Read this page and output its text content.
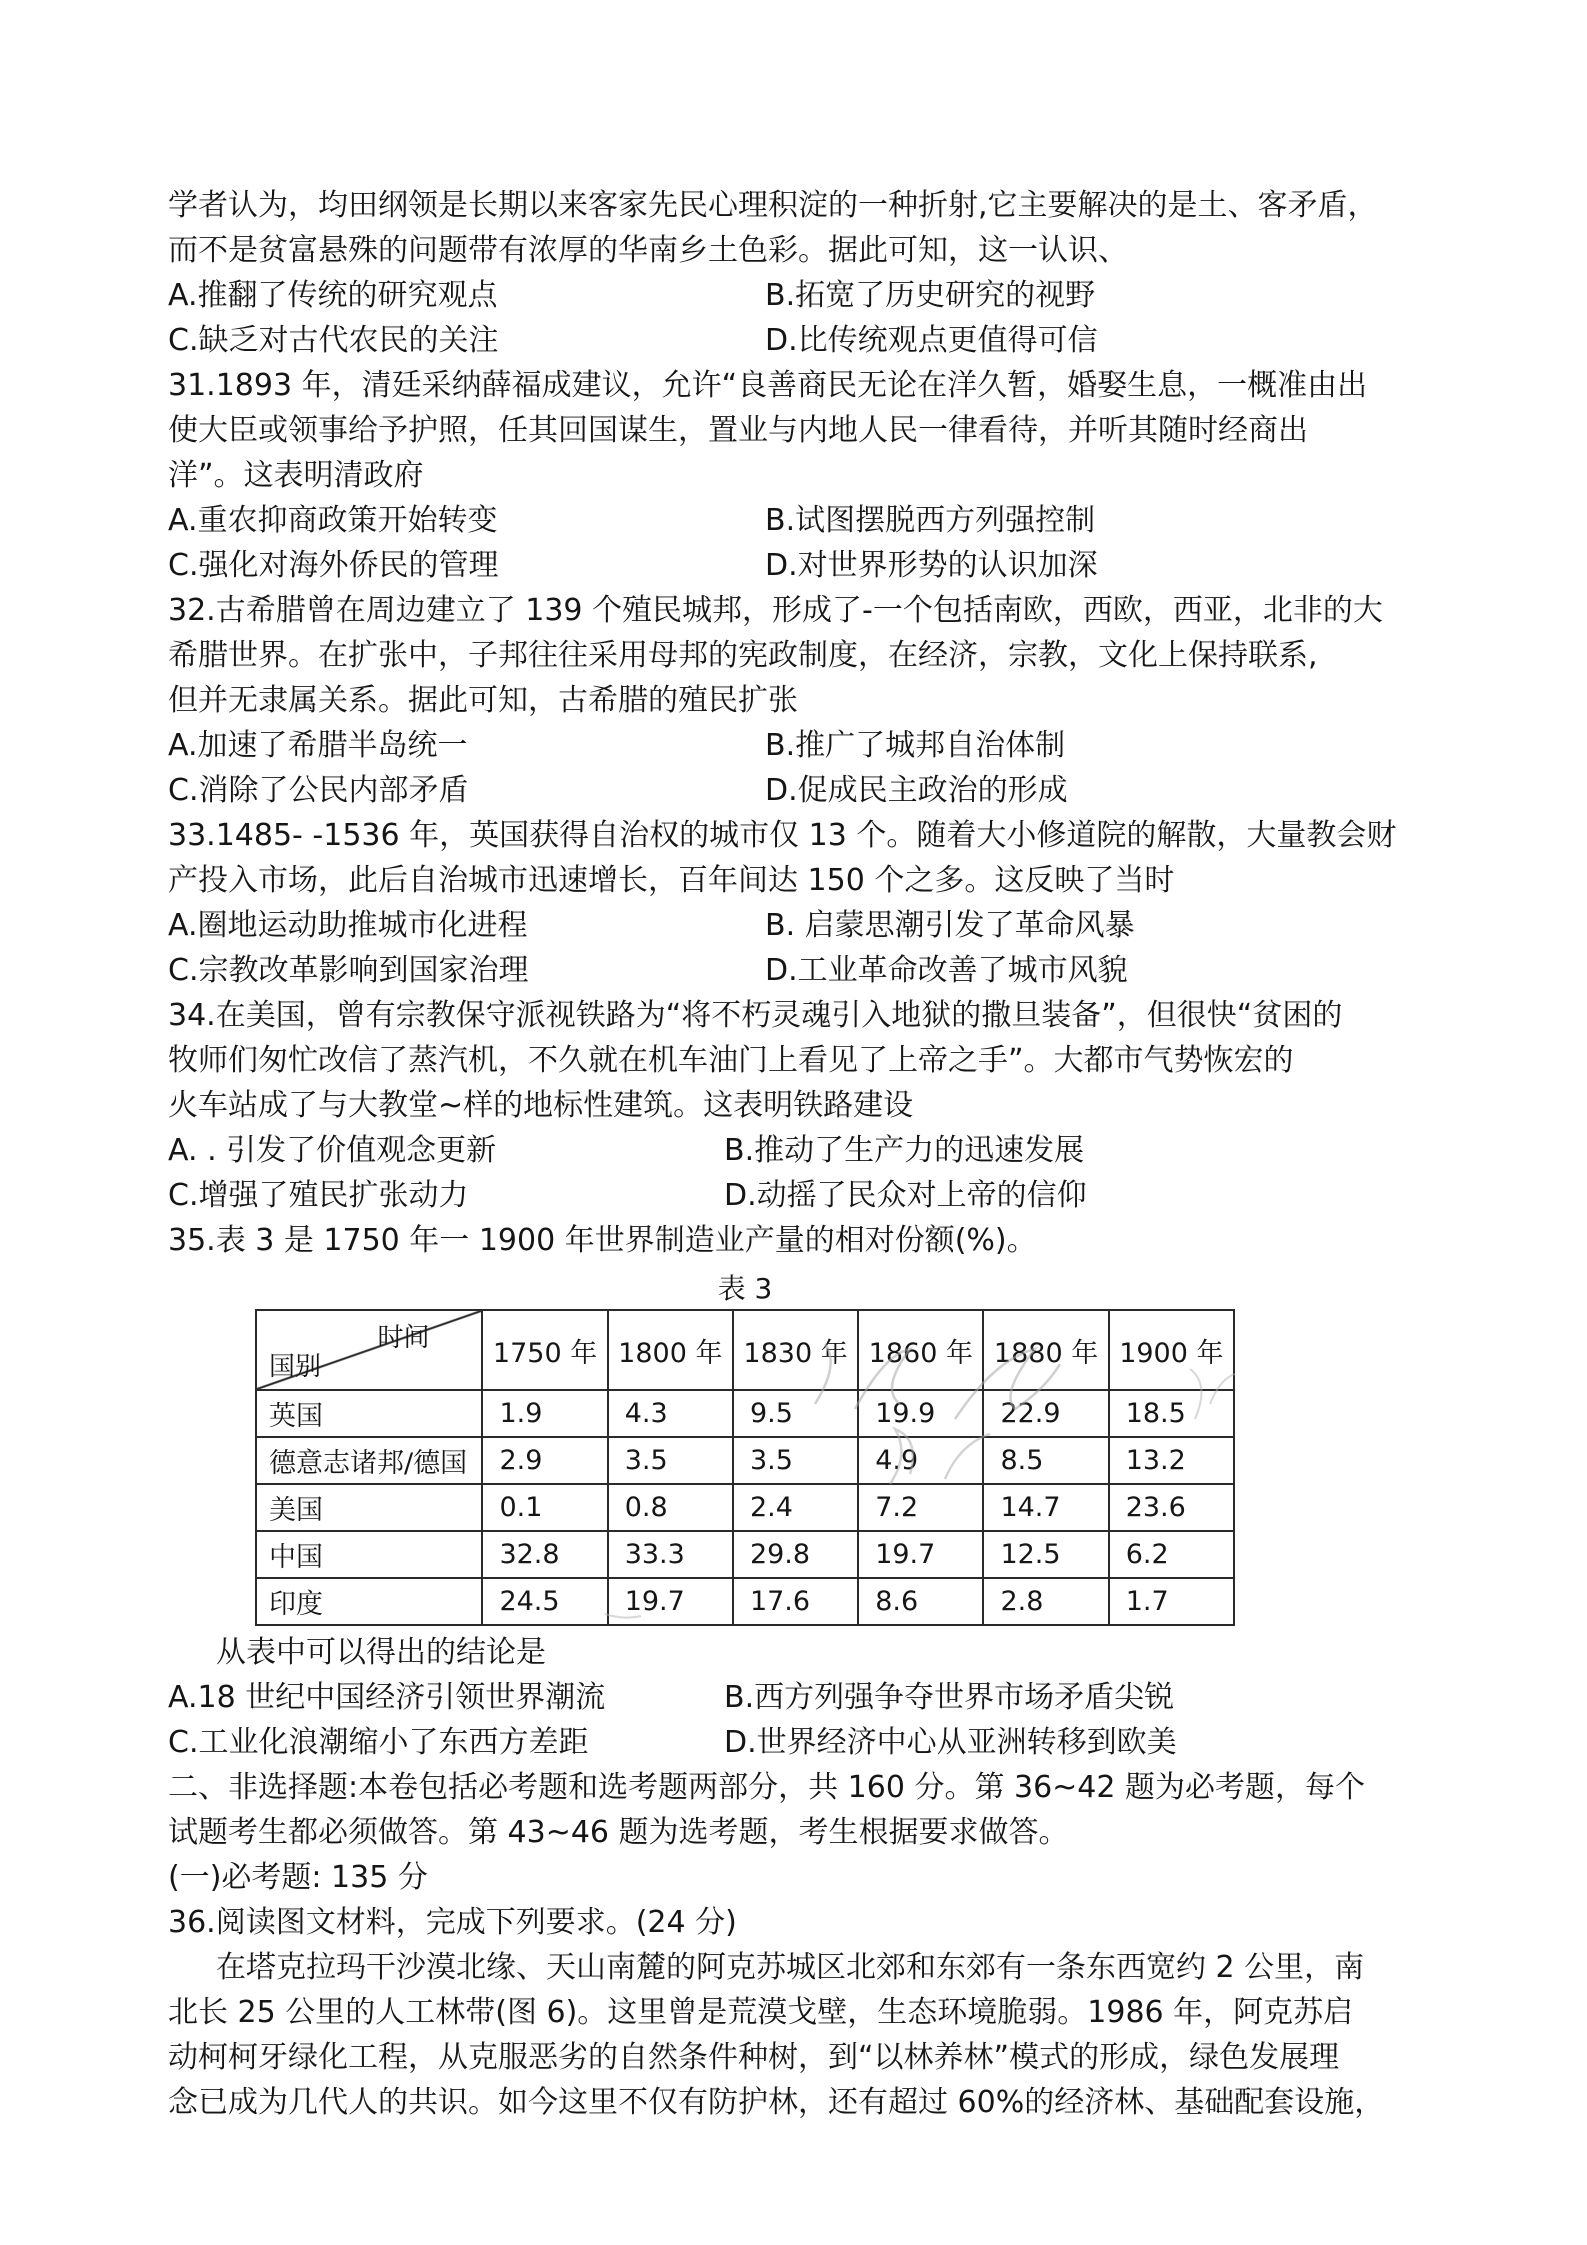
学者认为，均田纲领是长期以来客家先民心理积淀的一种折射,它主要解决的是土、客矛盾，
而不是贫富悬殊的问题带有浓厚的华南乡土色彩。据此可知，这一认识、
A.推翻了传统的研究观点	B.拓宽了历史研究的视野
C.缺乏对古代农民的关注	D.比传统观点更值得可信
31.1893 年，清廷采纳薛福成建议，允许“良善商民无论在洋久暂，婚娶生息，一概准由出
使大臣或领事给予护照，任其回国谋生，置业与内地人民一律看待，并听其随时经商出
洋”。这表明清政府
A.重农抑商政策开始转变	B.试图摆脱西方列强控制
C.强化对海外侨民的管理	D.对世界形势的认识加深
32.古希腊曾在周边建立了 139 个殖民城邦，形成了-一个包括南欧，西欧，西亚，北非的大
希腊世界。在扩张中，子邦往往采用母邦的宪政制度，在经济，宗教，文化上保持联系,
但并无隶属关系。据此可知，古希腊的殖民扩张
A.加速了希腊半岛统一	B.推广了城邦自治体制
C.消除了公民内部矛盾	D.促成民主政治的形成
33.1485- -1536 年，英国获得自治权的城市仅 13 个。随着大小修道院的解散，大量教会财
产投入市场，此后自治城市迅速增长，百年间达 150 个之多。这反映了当时
A.圈地运动助推城市化进程	B. 启蒙思潮引发了革命风暴
C.宗教改革影响到国家治理	D.工业革命改善了城市风貌
34.在美国，曾有宗教保守派视铁路为“将不朽灵魂引入地狱的撒旦装备”，但很快“贫困的
牧师们匆忙改信了蒸汽机，不久就在机车油门上看见了上帝之手”。大都市气势恢宏的
火车站成了与大教堂~样的地标性建筑。这表明铁路建设
A. . 引发了价值观念更新	B.推动了生产力的迅速发展
C.增强了殖民扩张动力	D.动摇了民众对上帝的信仰
35.表 3 是 1750 年一 1900 年世界制造业产量的相对份额(%)。
表 3
时间
国别	1750 年	1800 年	1830 年	1860 年	1880 年	1900 年
英国	1.9	4.3	9.5	19.9	22.9	18.5
德意志诸邦/德国	2.9	3.5	3.5	4.9	8.5	13.2
美国	0.1	0.8	2.4	7.2	14.7	23.6
中国	32.8	33.3	29.8	19.7	12.5	6.2
印度	24.5	19.7	17.6	8.6	2.8	1.7
从表中可以得出的结论是
A.18 世纪中国经济引领世界潮流	B.西方列强争夺世界市场矛盾尖锐
C.工业化浪潮缩小了东西方差距	D.世界经济中心从亚洲转移到欧美
二、非选择题:本卷包括必考题和选考题两部分，共 160 分。第 36~42 题为必考题，每个
试题考生都必须做答。第 43~46 题为选考题，考生根据要求做答。
(一)必考题: 135 分
36.阅读图文材料，完成下列要求。(24 分)
在塔克拉玛干沙漠北缘、天山南麓的阿克苏城区北郊和东郊有一条东西宽约 2 公里，南
北长 25 公里的人工林带(图 6)。这里曾是荒漠戈壁，生态环境脆弱。1986 年，阿克苏启
动柯柯牙绿化工程，从克服恶劣的自然条件种树，到“以林养林”模式的形成，绿色发展理
念已成为几代人的共识。如今这里不仅有防护林，还有超过 60%的经济林、基础配套设施，
